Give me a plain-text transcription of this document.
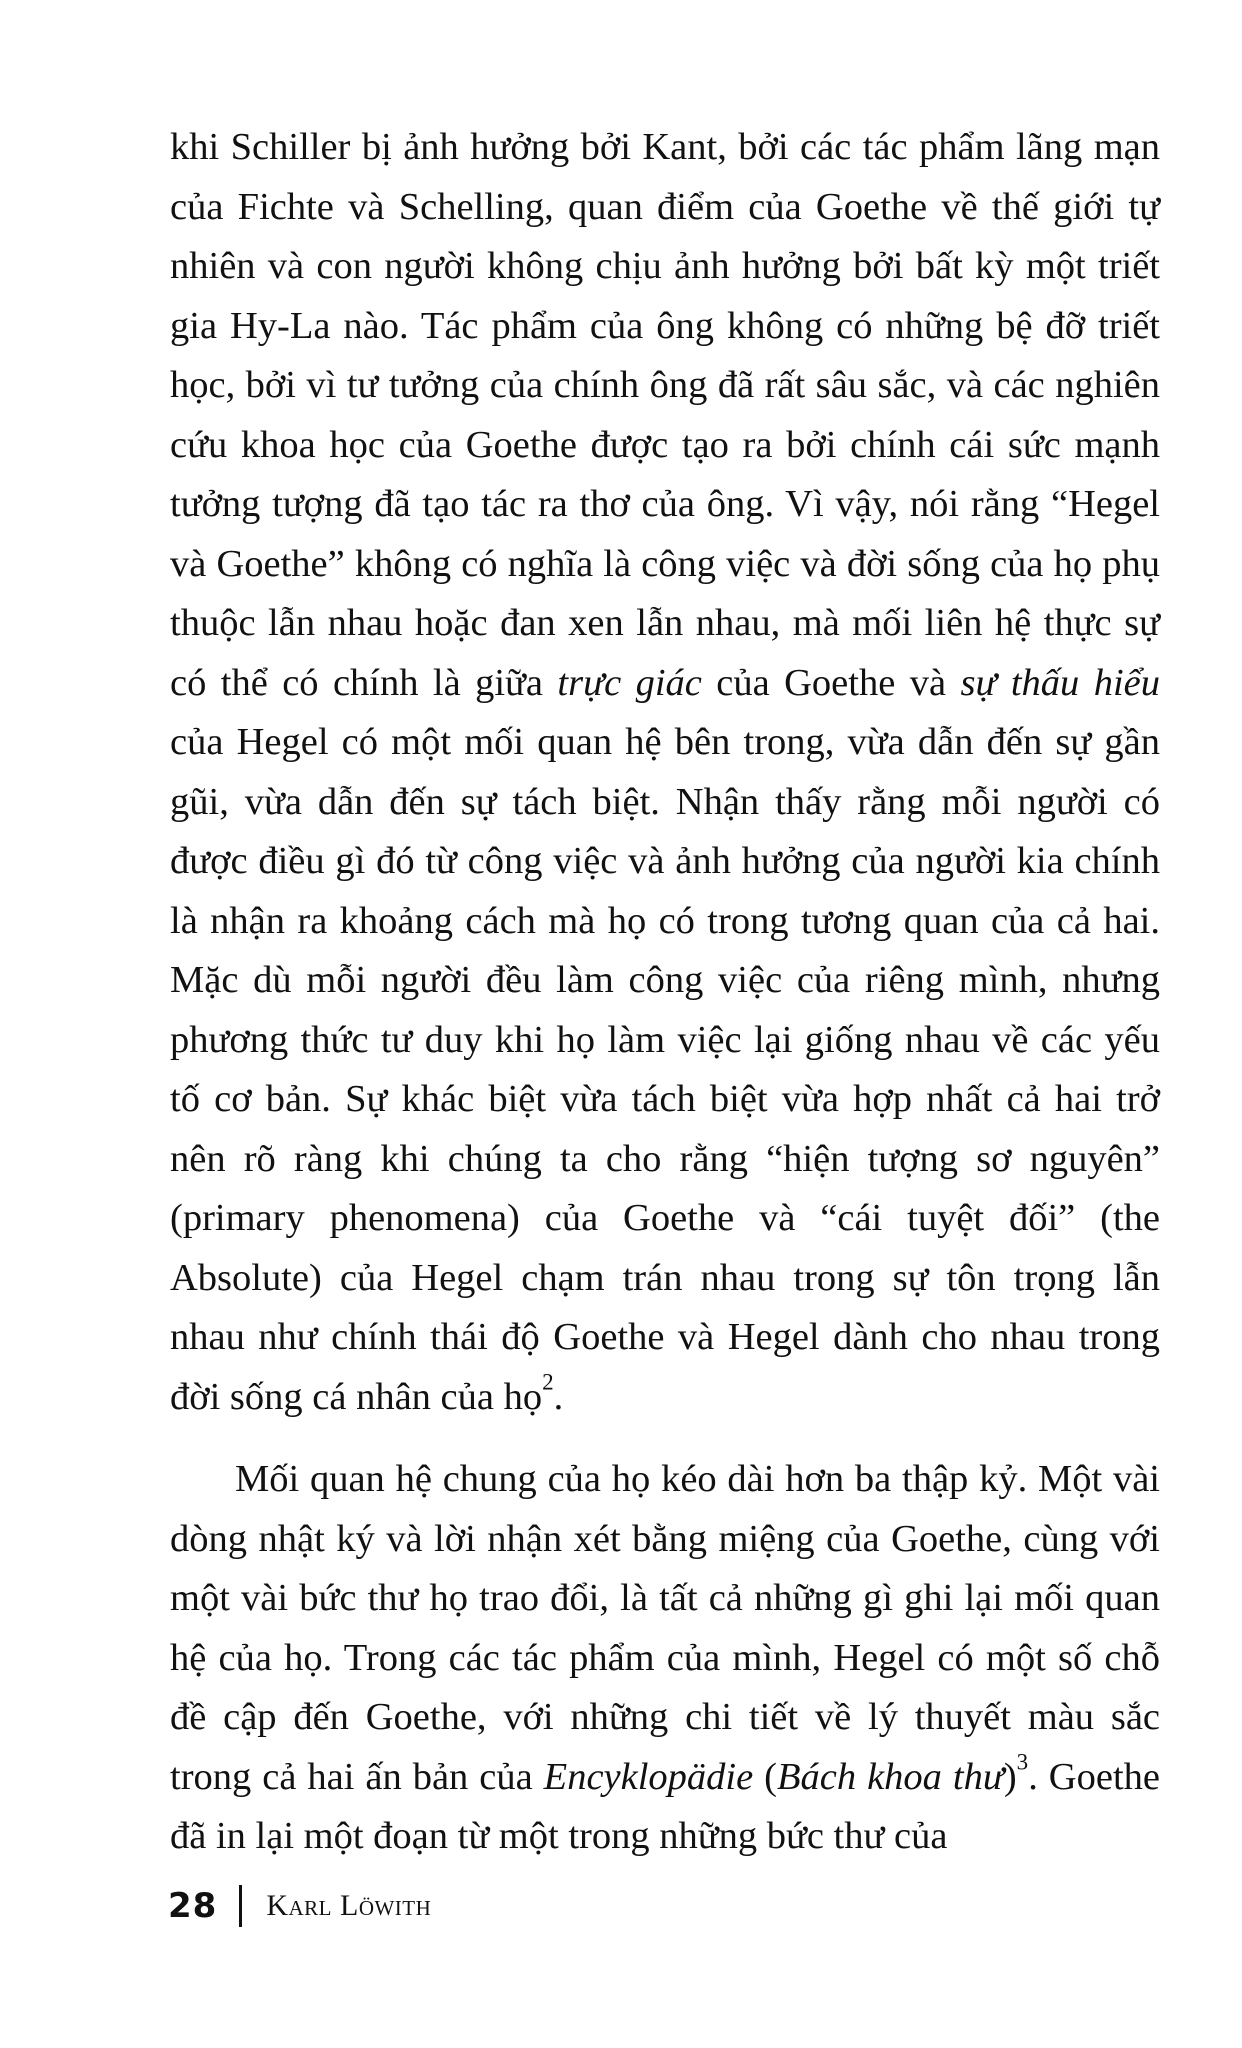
khi Schiller bị ảnh hưởng bởi Kant, bởi các tác phẩm lãng mạn của Fichte và Schelling, quan điểm của Goethe về thế giới tự nhiên và con người không chịu ảnh hưởng bởi bất kỳ một triết gia Hy-La nào. Tác phẩm của ông không có những bệ đỡ triết học, bởi vì tư tưởng của chính ông đã rất sâu sắc, và các nghiên cứu khoa học của Goethe được tạo ra bởi chính cái sức mạnh tưởng tượng đã tạo tác ra thơ của ông. Vì vậy, nói rằng “Hegel và Goethe” không có nghĩa là công việc và đời sống của họ phụ thuộc lẫn nhau hoặc đan xen lẫn nhau, mà mối liên hệ thực sự có thể có chính là giữa trực giác của Goethe và sự thấu hiểu của Hegel có một mối quan hệ bên trong, vừa dẫn đến sự gần gũi, vừa dẫn đến sự tách biệt. Nhận thấy rằng mỗi người có được điều gì đó từ công việc và ảnh hưởng của người kia chính là nhận ra khoảng cách mà họ có trong tương quan của cả hai. Mặc dù mỗi người đều làm công việc của riêng mình, nhưng phương thức tư duy khi họ làm việc lại giống nhau về các yếu tố cơ bản. Sự khác biệt vừa tách biệt vừa hợp nhất cả hai trở nên rõ ràng khi chúng ta cho rằng “hiện tượng sơ nguyên” (primary phenomena) của Goethe và “cái tuyệt đối” (the Absolute) của Hegel chạm trán nhau trong sự tôn trọng lẫn nhau như chính thái độ Goethe và Hegel dành cho nhau trong đời sống cá nhân của họ$^2$.

Mối quan hệ chung của họ kéo dài hơn ba thập kỷ. Một vài dòng nhật ký và lời nhận xét bằng miệng của Goethe, cùng với một vài bức thư họ trao đổi, là tất cả những gì ghi lại mối quan hệ của họ. Trong các tác phẩm của mình, Hegel có một số chỗ đề cập đến Goethe, với những chi tiết về lý thuyết màu sắc trong cả hai ấn bản của Encyklopädie (Bách khoa thư)$^3$. Goethe đã in lại một đoạn từ một trong những bức thư của

28 Karl Löwith
